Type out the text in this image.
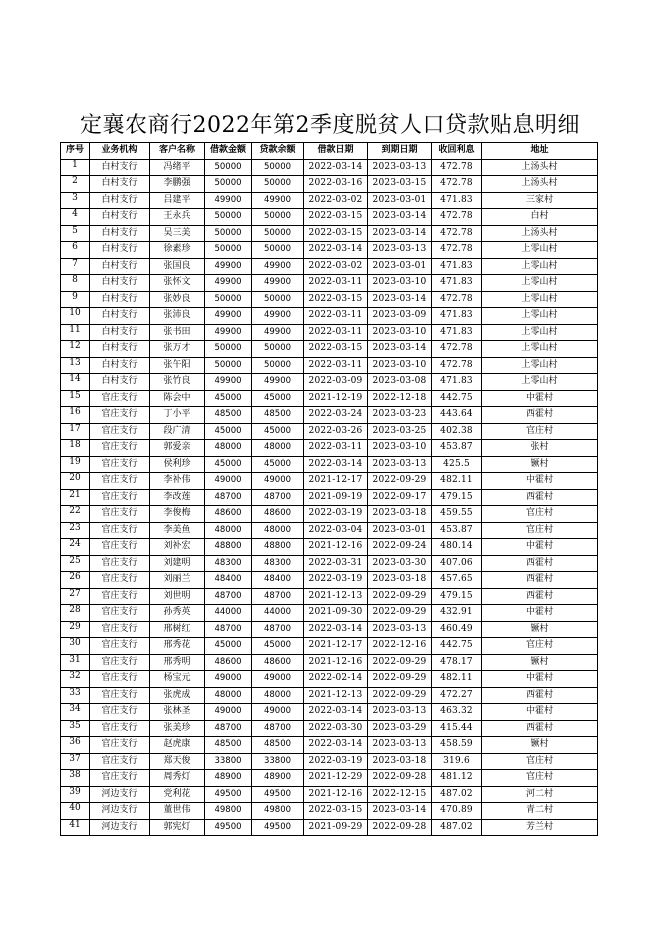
定襄农商行2022年第2季度脱贫人口贷款贴息明细
序号	业务机构	客户名称	借款金额	贷款余额	借款日期	到期日期	收回利息	地址
1	白村支行	冯绪平	50000	50000	2022-03-14	2023-03-13	472.78	上汤头村
2	白村支行	李鹏强	50000	50000	2022-03-16	2023-03-15	472.78	上汤头村
3	白村支行	吕建平	49900	49900	2022-03-02	2023-03-01	471.83	三家村
4	白村支行	王永兵	50000	50000	2022-03-15	2023-03-14	472.78	白村
5	白村支行	吴三美	50000	50000	2022-03-15	2023-03-14	472.78	上汤头村
6	白村支行	徐素珍	50000	50000	2022-03-14	2023-03-13	472.78	上零山村
7	白村支行	张国良	49900	49900	2022-03-02	2023-03-01	471.83	上零山村
8	白村支行	张怀文	49900	49900	2022-03-11	2023-03-10	471.83	上零山村
9	白村支行	张妙良	50000	50000	2022-03-15	2023-03-14	472.78	上零山村
10	白村支行	张沛良	49900	49900	2022-03-11	2023-03-09	471.83	上零山村
11	白村支行	张书田	49900	49900	2022-03-11	2023-03-10	471.83	上零山村
12	白村支行	张万才	50000	50000	2022-03-15	2023-03-14	472.78	上零山村
13	白村支行	张午阳	50000	50000	2022-03-11	2023-03-10	472.78	上零山村
14	白村支行	张竹良	49900	49900	2022-03-09	2023-03-08	471.83	上零山村
15	官庄支行	陈会中	45000	45000	2021-12-19	2022-12-18	442.75	中霍村
16	官庄支行	丁小平	48500	48500	2022-03-24	2023-03-23	443.64	西霍村
17	官庄支行	段广清	45000	45000	2022-03-26	2023-03-25	402.38	官庄村
18	官庄支行	郭爱亲	48000	48000	2022-03-11	2023-03-10	453.87	张村
19	官庄支行	侯利珍	45000	45000	2022-03-14	2023-03-13	425.5	镢村
20	官庄支行	李补伟	49000	49000	2021-12-17	2022-09-29	482.11	中霍村
21	官庄支行	李改莲	48700	48700	2021-09-19	2022-09-17	479.15	西霍村
22	官庄支行	李俊梅	48600	48600	2022-03-19	2023-03-18	459.55	官庄村
23	官庄支行	李美鱼	48000	48000	2022-03-04	2023-03-01	453.87	官庄村
24	官庄支行	刘补宏	48800	48800	2021-12-16	2022-09-24	480.14	中霍村
25	官庄支行	刘建明	48300	48300	2022-03-31	2023-03-30	407.06	西霍村
26	官庄支行	刘丽兰	48400	48400	2022-03-19	2023-03-18	457.65	西霍村
27	官庄支行	刘世明	48700	48700	2021-12-13	2022-09-29	479.15	西霍村
28	官庄支行	孙秀英	44000	44000	2021-09-30	2022-09-29	432.91	中霍村
29	官庄支行	邢树红	48700	48700	2022-03-14	2023-03-13	460.49	镢村
30	官庄支行	邢秀花	45000	45000	2021-12-17	2022-12-16	442.75	官庄村
31	官庄支行	邢秀明	48600	48600	2021-12-16	2022-09-29	478.17	镢村
32	官庄支行	杨宝元	49000	49000	2022-02-14	2022-09-29	482.11	中霍村
33	官庄支行	张虎成	48000	48000	2021-12-13	2022-09-29	472.27	西霍村
34	官庄支行	张林圣	49000	49000	2022-03-14	2023-03-13	463.32	中霍村
35	官庄支行	张美珍	48700	48700	2022-03-30	2023-03-29	415.44	西霍村
36	官庄支行	赵虎康	48500	48500	2022-03-14	2023-03-13	458.59	镢村
37	官庄支行	郑天俊	33800	33800	2022-03-19	2023-03-18	319.6	官庄村
38	官庄支行	周秀灯	48900	48900	2021-12-29	2022-09-28	481.12	官庄村
39	河边支行	党利花	49500	49500	2021-12-16	2022-12-15	487.02	河二村
40	河边支行	董世伟	49800	49800	2022-03-15	2023-03-14	470.89	青二村
41	河边支行	郭宪灯	49500	49500	2021-09-29	2022-09-28	487.02	芳兰村
